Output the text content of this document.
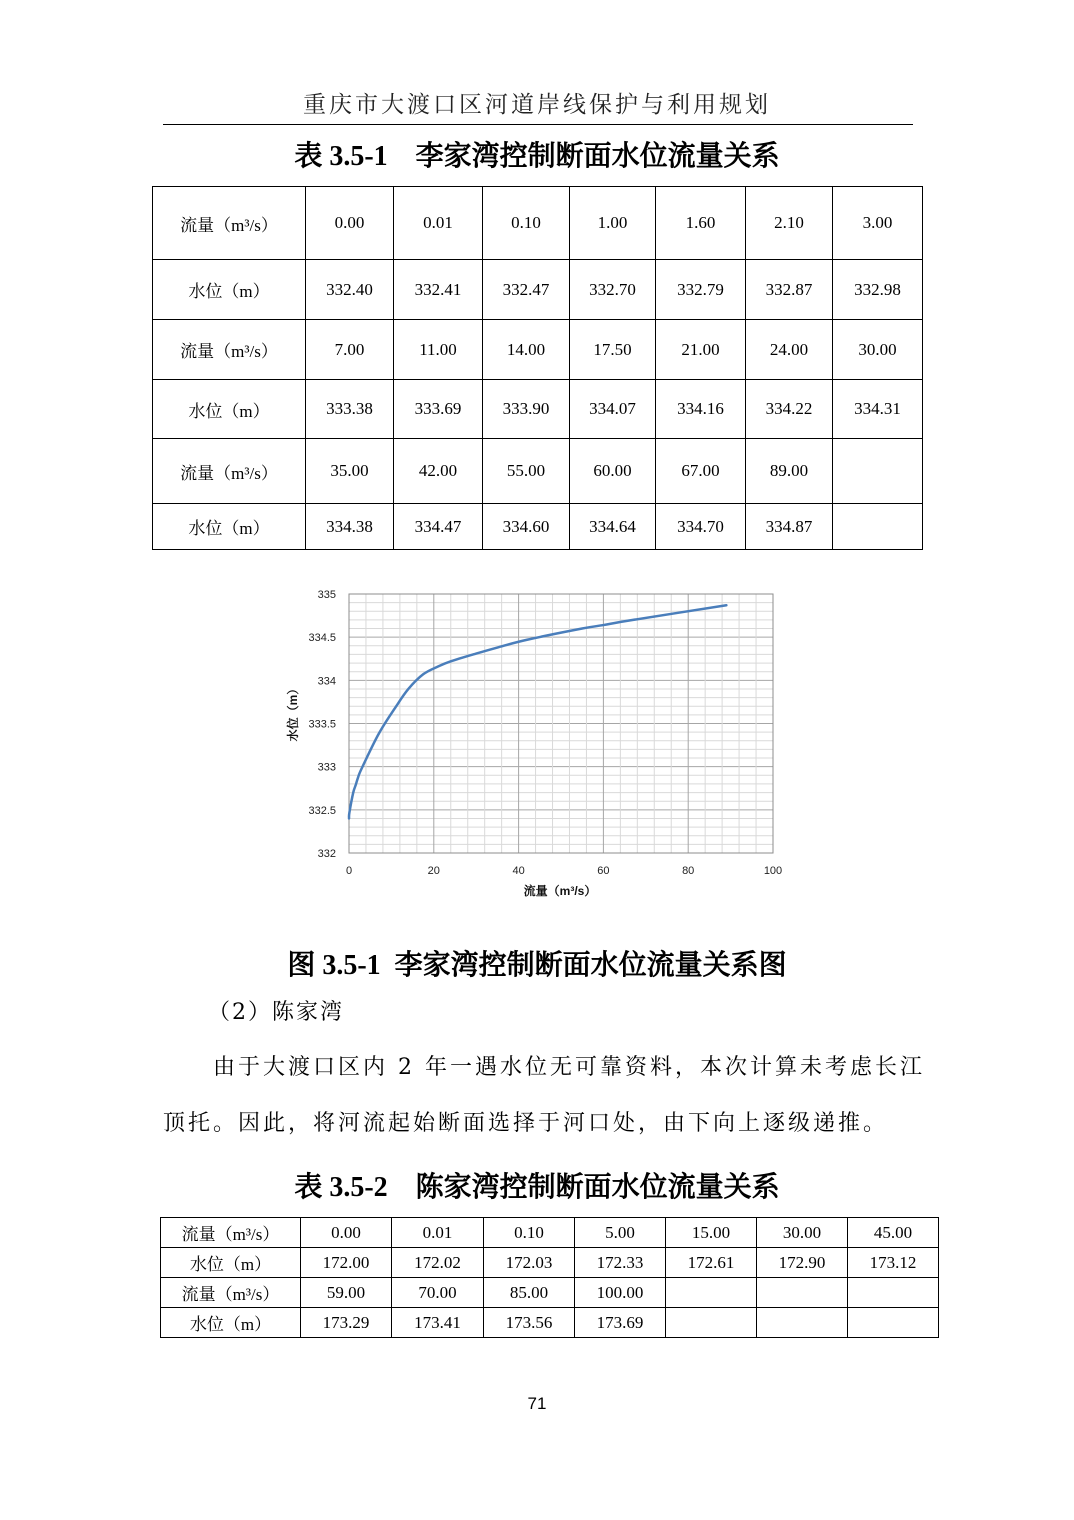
重庆市大渡口区河道岸线保护与利用规划
表 3.5-1　李家湾控制断面水位流量关系
流量（m³/s）	0.00	0.01	0.10	1.00	1.60	2.10	3.00
水位（m）	332.40	332.41	332.47	332.70	332.79	332.87	332.98
流量（m³/s）	7.00	11.00	14.00	17.50	21.00	24.00	30.00
水位（m）	333.38	333.69	333.90	334.07	334.16	334.22	334.31
流量（m³/s）	35.00	42.00	55.00	60.00	67.00	89.00	
水位（m）	334.38	334.47	334.60	334.64	334.70	334.87	
332
332.5
333
333.5
334
334.5
335
0	20	40	60	80	100
流量（m³/s）
水位（m）
图 3.5-1  李家湾控制断面水位流量关系图
（2）陈家湾
由于大渡口区内 2 年一遇水位无可靠资料，本次计算未考虑长江
顶托。因此，将河流起始断面选择于河口处，由下向上逐级递推。
表 3.5-2　陈家湾控制断面水位流量关系
流量（m³/s）	0.00	0.01	0.10	5.00	15.00	30.00	45.00
水位（m）	172.00	172.02	172.03	172.33	172.61	172.90	173.12
流量（m³/s）	59.00	70.00	85.00	100.00			
水位（m）	173.29	173.41	173.56	173.69			
71
